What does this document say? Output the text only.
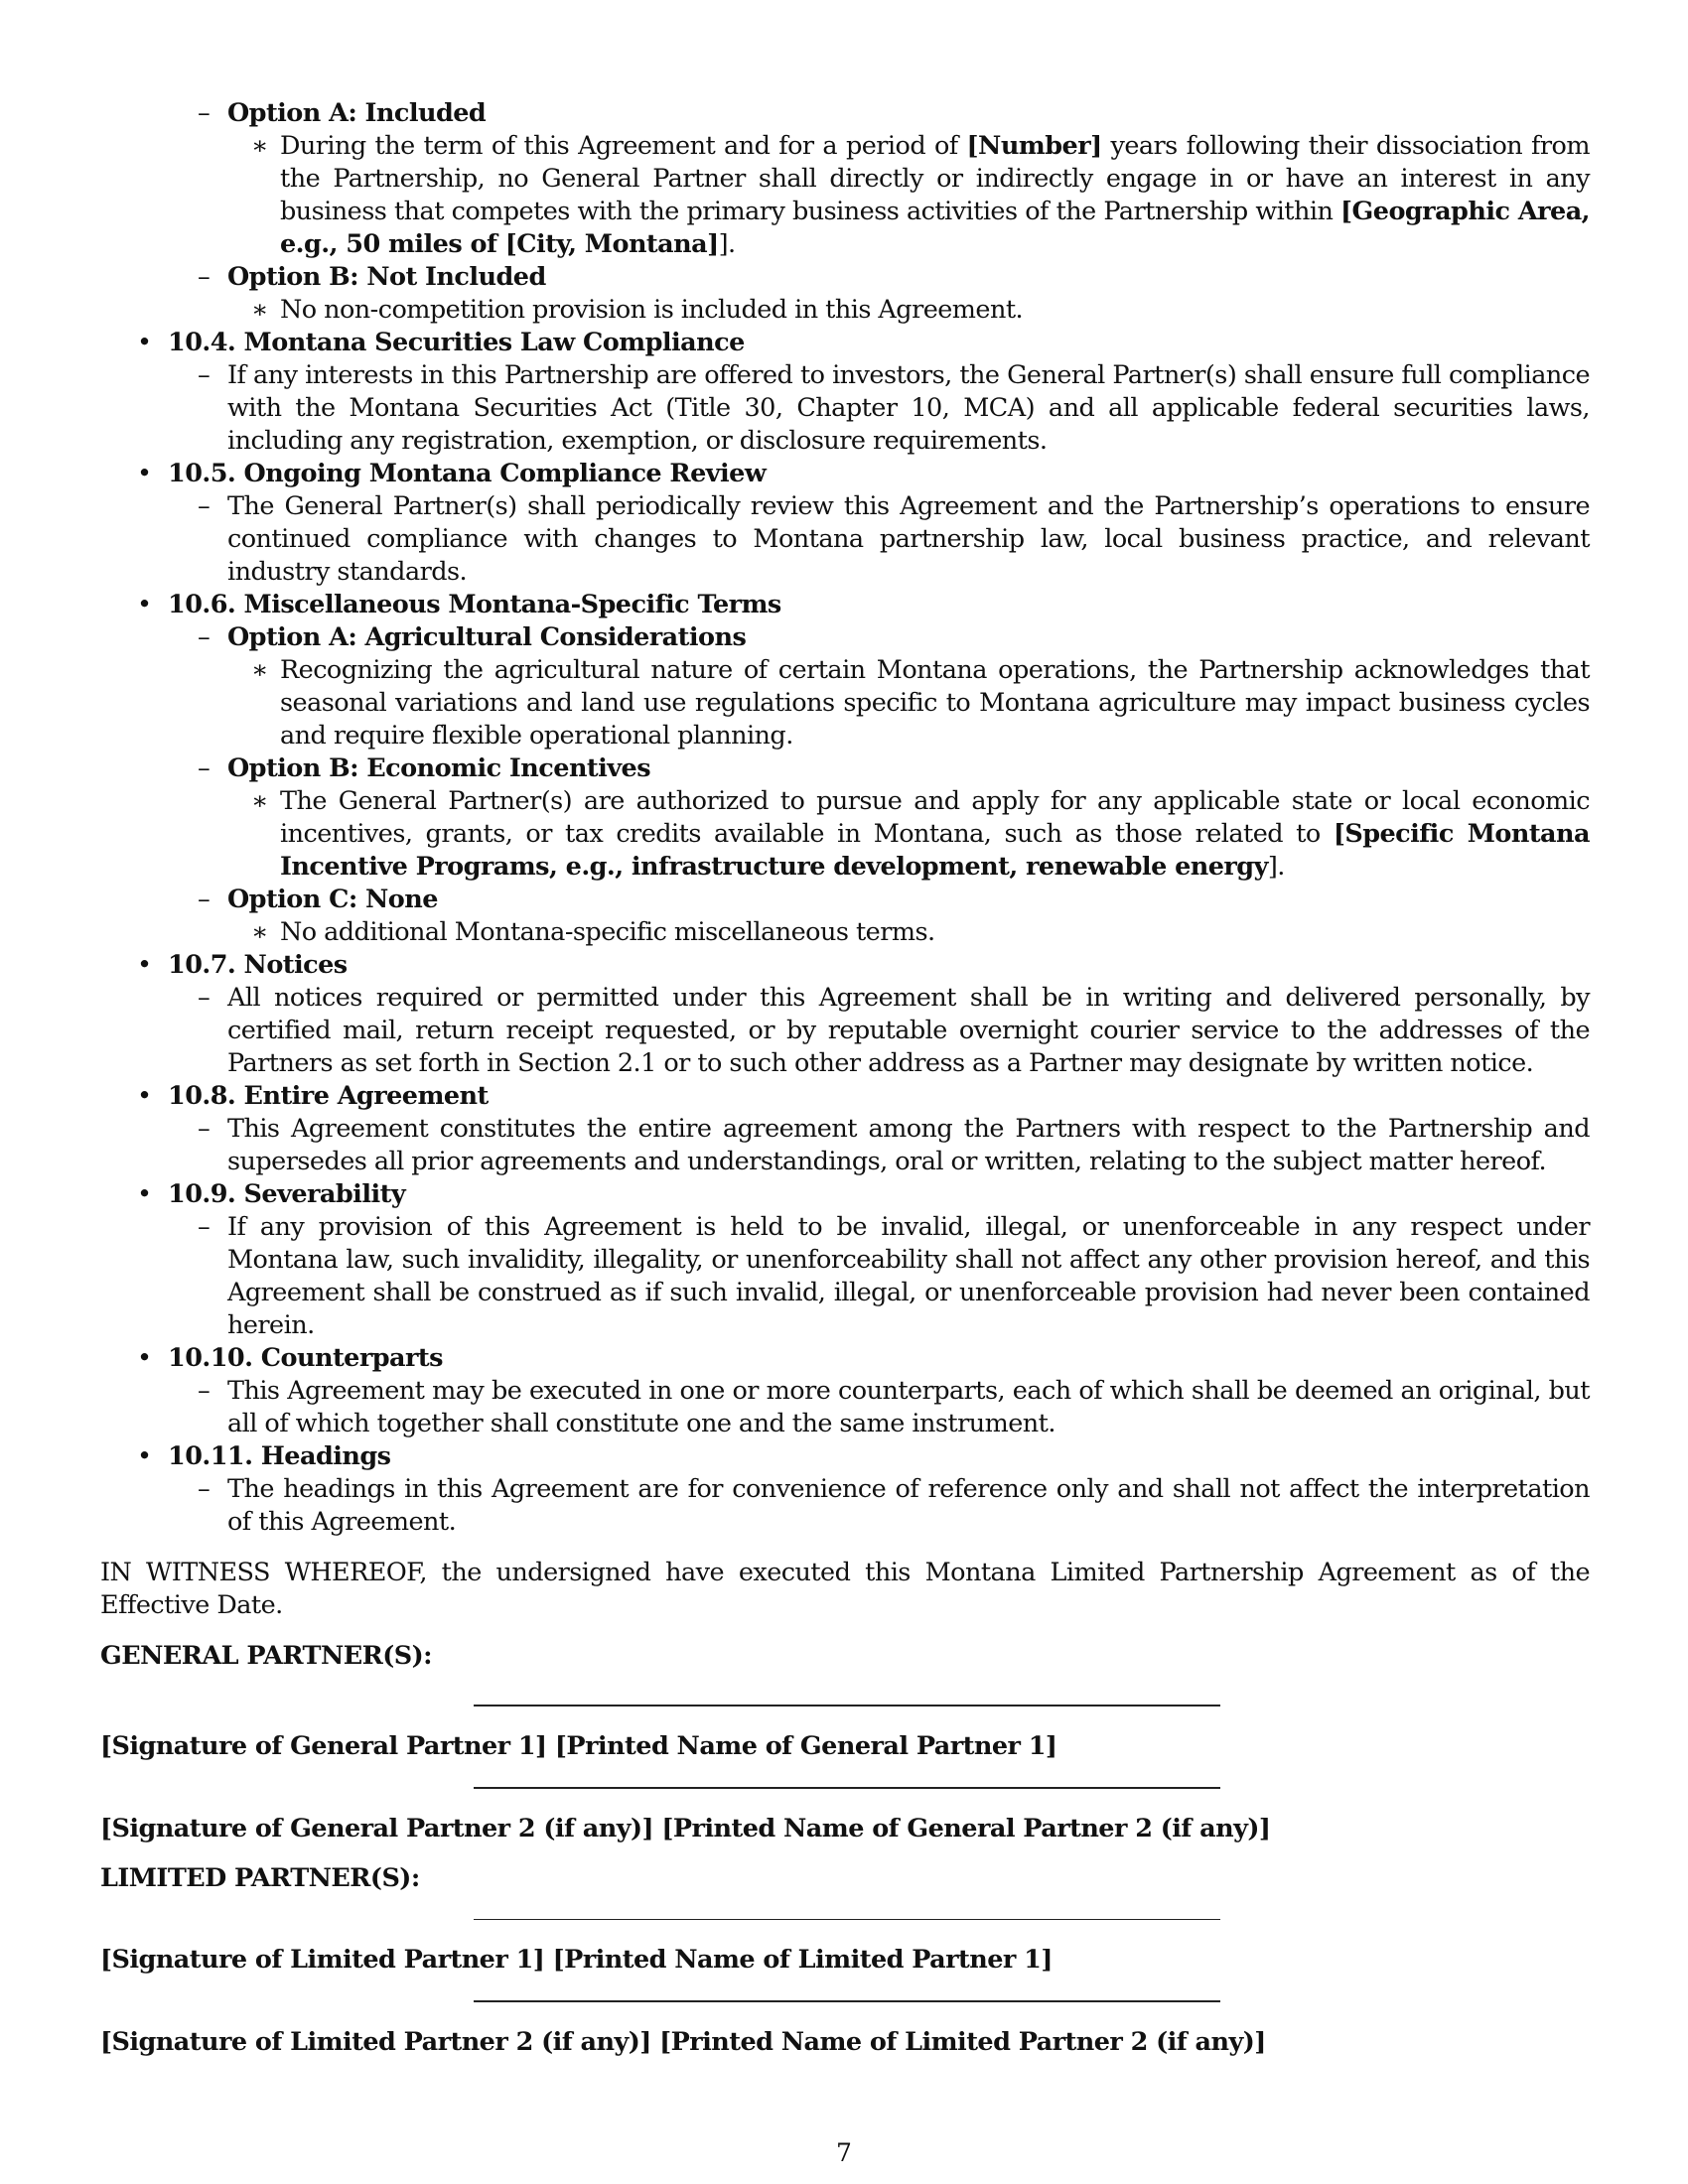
– Option A: Included
∗ During the term of this Agreement and for a period of [Number] years following their dissociation from the Partnership, no General Partner shall directly or indirectly engage in or have an interest in any business that competes with the primary business activities of the Partnership within [Geographic Area, e.g., 50 miles of [City, Montana]].
– Option B: Not Included
∗ No non-competition provision is included in this Agreement.
• 10.4. Montana Securities Law Compliance
– If any interests in this Partnership are offered to investors, the General Partner(s) shall ensure full compliance with the Montana Securities Act (Title 30, Chapter 10, MCA) and all applicable federal securities laws, including any registration, exemption, or disclosure requirements.
• 10.5. Ongoing Montana Compliance Review
– The General Partner(s) shall periodically review this Agreement and the Partnership’s operations to ensure continued compliance with changes to Montana partnership law, local business practice, and relevant industry standards.
• 10.6. Miscellaneous Montana-Specific Terms
– Option A: Agricultural Considerations
∗ Recognizing the agricultural nature of certain Montana operations, the Partnership acknowledges that seasonal variations and land use regulations specific to Montana agriculture may impact business cycles and require flexible operational planning.
– Option B: Economic Incentives
∗ The General Partner(s) are authorized to pursue and apply for any applicable state or local economic incentives, grants, or tax credits available in Montana, such as those related to [Specific Montana Incentive Programs, e.g., infrastructure development, renewable energy].
– Option C: None
∗ No additional Montana-specific miscellaneous terms.
• 10.7. Notices
– All notices required or permitted under this Agreement shall be in writing and delivered personally, by certified mail, return receipt requested, or by reputable overnight courier service to the addresses of the Partners as set forth in Section 2.1 or to such other address as a Partner may designate by written notice.
• 10.8. Entire Agreement
– This Agreement constitutes the entire agreement among the Partners with respect to the Partnership and supersedes all prior agreements and understandings, oral or written, relating to the subject matter hereof.
• 10.9. Severability
– If any provision of this Agreement is held to be invalid, illegal, or unenforceable in any respect under Montana law, such invalidity, illegality, or unenforceability shall not affect any other provision hereof, and this Agreement shall be construed as if such invalid, illegal, or unenforceable provision had never been contained herein.
• 10.10. Counterparts
– This Agreement may be executed in one or more counterparts, each of which shall be deemed an original, but all of which together shall constitute one and the same instrument.
• 10.11. Headings
– The headings in this Agreement are for convenience of reference only and shall not affect the interpretation of this Agreement.
IN WITNESS WHEREOF, the undersigned have executed this Montana Limited Partnership Agreement as of the Effective Date.
GENERAL PARTNER(S):
[Signature of General Partner 1] [Printed Name of General Partner 1]
[Signature of General Partner 2 (if any)] [Printed Name of General Partner 2 (if any)]
LIMITED PARTNER(S):
[Signature of Limited Partner 1] [Printed Name of Limited Partner 1]
[Signature of Limited Partner 2 (if any)] [Printed Name of Limited Partner 2 (if any)]
7
